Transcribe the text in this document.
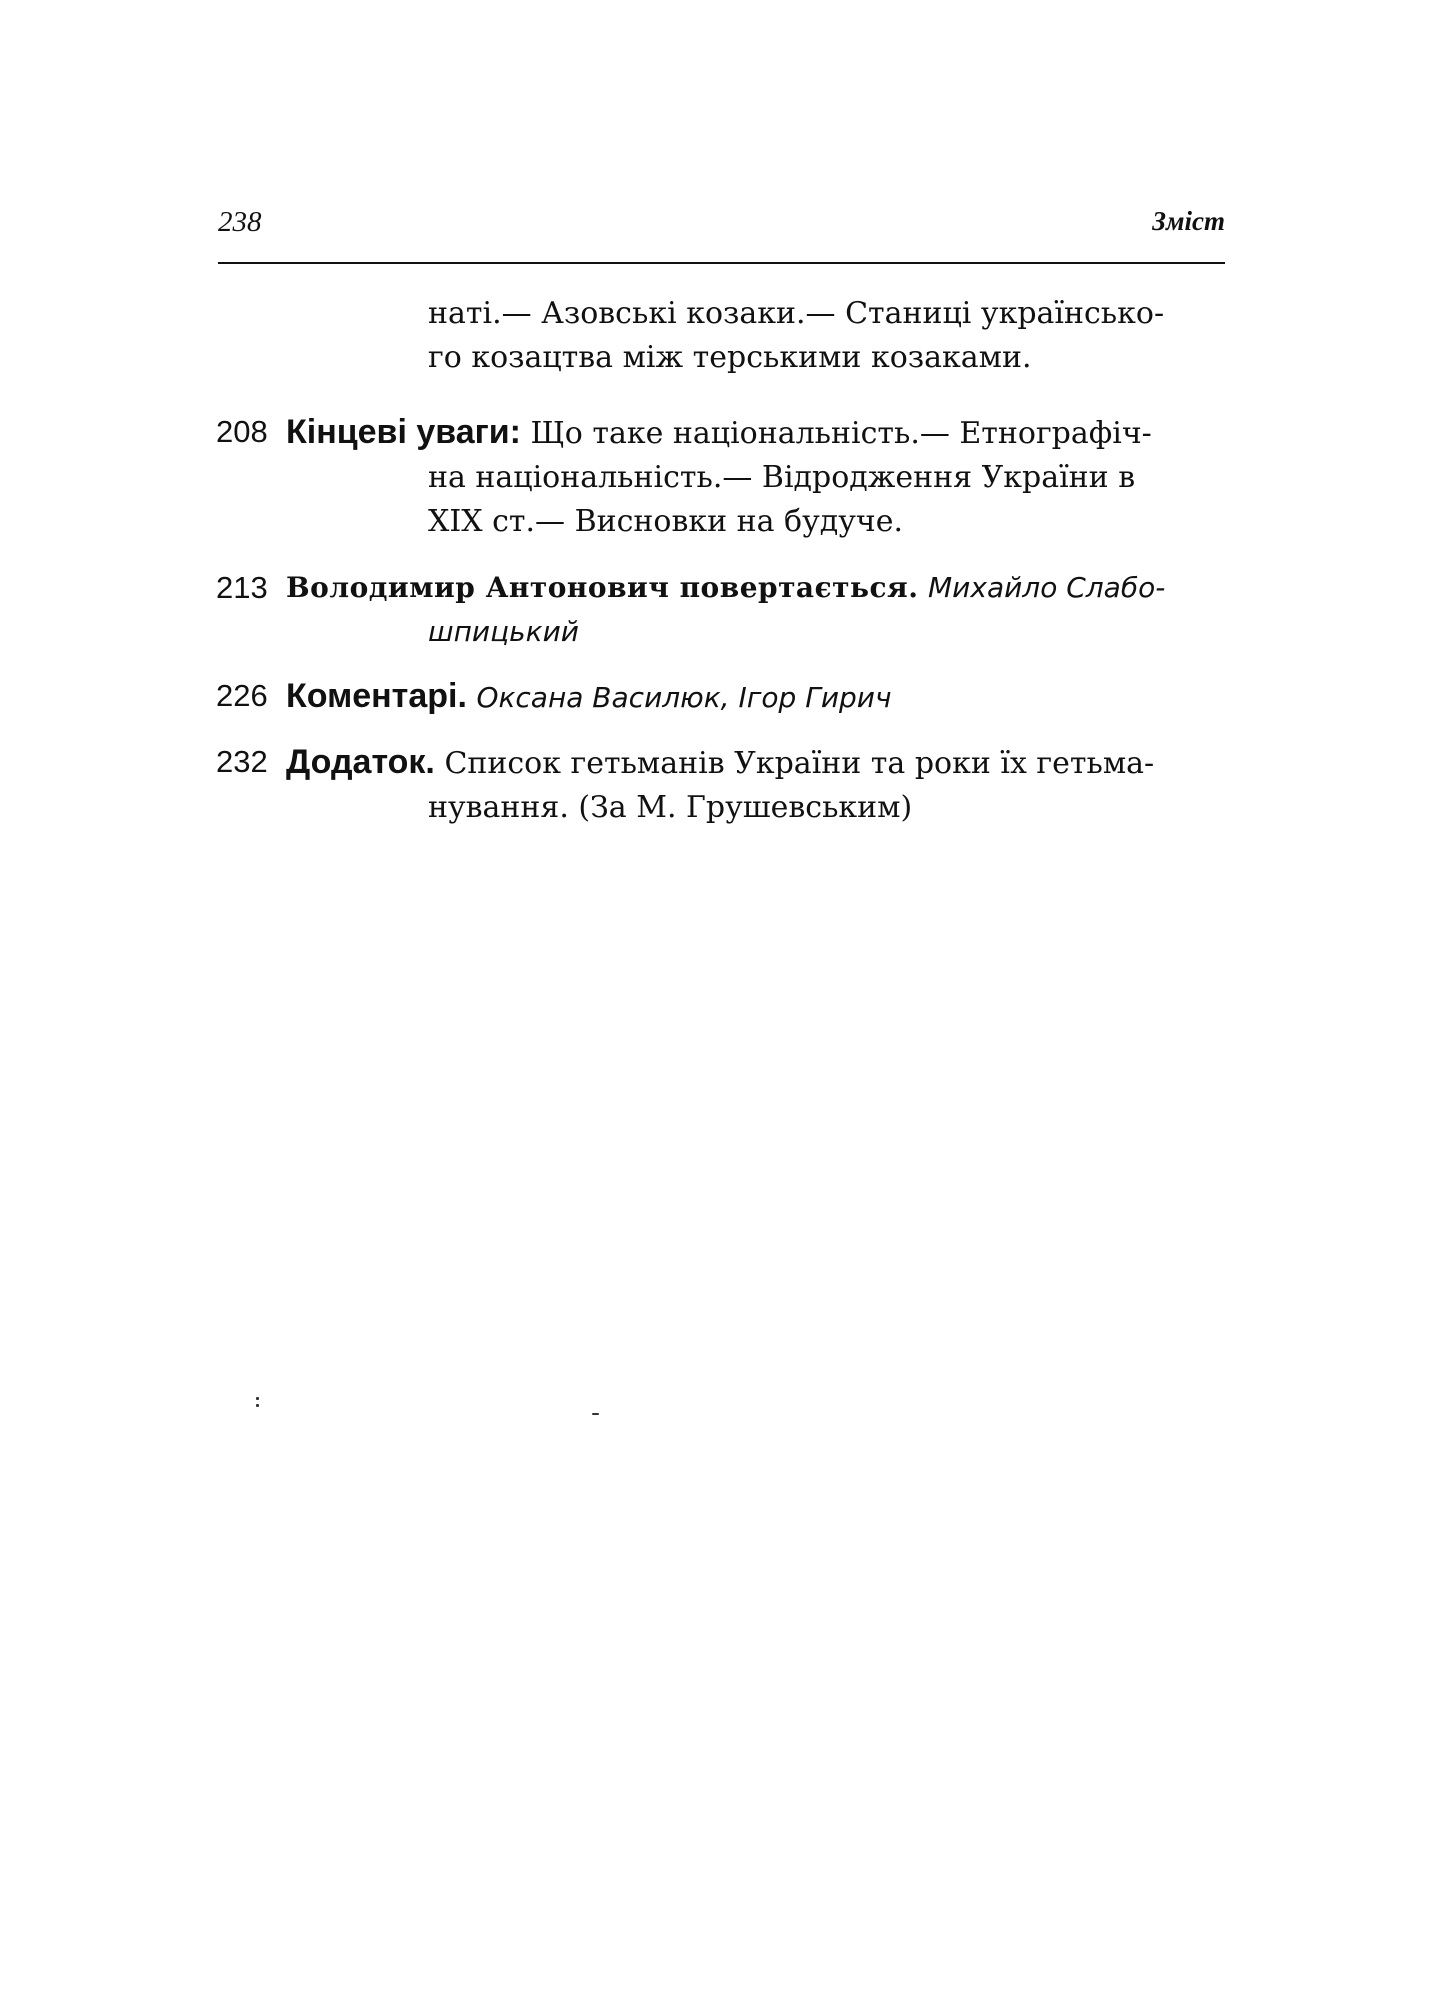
238	Зміст
наті.— Азовські козаки.— Станиці українсько-
го козацтва між терськими козаками.
208 Кінцеві уваги: Що таке національність.— Етнографіч-
на національність.— Відродження України в
XIX ст.— Висновки на будуче.
213 Володимир Антонович повертається. Михайло Слабо-
шпицький
226 Коментарі. Оксана Василюк, Ігор Гирич
232 Додаток. Список гетьманів України та роки їх гетьма-
нування. (За М. Грушевським)
